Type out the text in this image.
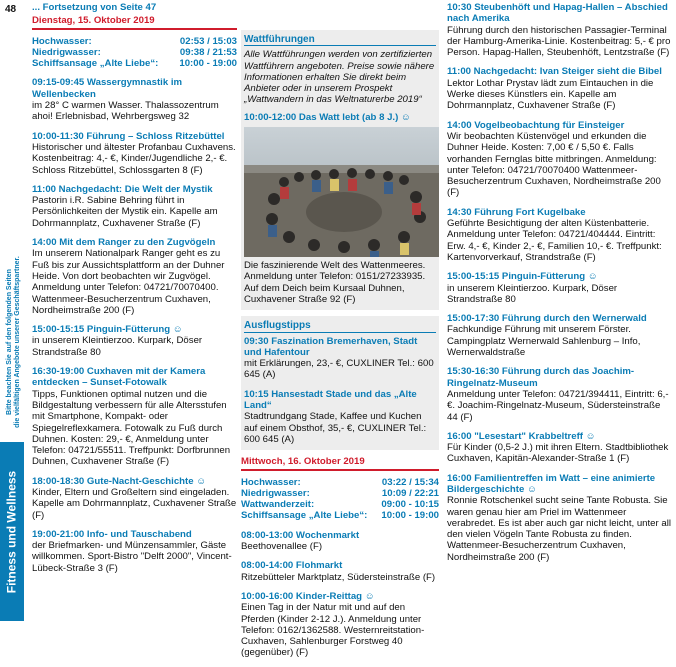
48
Bitte beachten Sie auf den folgenden Seiten die vielfältigen Angebote unserer Geschäftspartner.
Fitness und Wellness
... Fortsetzung von Seite 47
Dienstag, 15. Oktober 2019
Hochwasser:	02:53 / 15:03
Niedrigwasser:	09:38 / 21:53
Schiffsansage „Alte Liebe“: 10:00 - 19:00
09:15-09:45 Wassergymnastik im Wellenbecken
im 28° C warmen Wasser. Thalassozentrum ahoi! Erlebnisbad, Wehrbergsweg 32
10:00-11:30 Führung – Schloss Ritzebüttel
Historischer und ältester Profanbau Cuxhavens. Kostenbeitrag: 4,- €, Kinder/Jugendliche 2,- €. Schloss Ritzebüttel, Schlossgarten 8 (F)
11:00 Nachgedacht: Die Welt der Mystik
Pastorin i.R. Sabine Behring führt in Persönlichkeiten der Mystik ein. Kapelle am Dohrmannplatz, Cuxhavener Straße (F)
14:00 Mit dem Ranger zu den Zugvögeln
Im unserem Nationalpark Ranger geht es zu Fuß bis zur Aussichtsplattform an der Duhner Heide. Von dort beobachten wir Zugvögel. Anmeldung unter Telefon: 04721/70070400. Wattenmeer-Besucherzentrum Cuxhaven, Nordheimstraße 200 (F)
15:00-15:15 Pinguin-Fütterung ☺
in unserem Kleintierzoo. Kurpark, Döser Strandstraße 80
16:30-19:00 Cuxhaven mit der Kamera entdecken – Sunset-Fotowalk
Tipps, Funktionen optimal nutzen und die Bildgestaltung verbessern für alle Altersstufen mit Smartphone, Kompakt- oder Spiegelreflexkamera. Fotowalk zu Fuß durch Duhnen. Kosten: 29,- €, Anmeldung unter Telefon: 04721/55511. Treffpunkt: Dorfbrunnen Duhnen, Cuxhavener Straße (F)
18:00-18:30 Gute-Nacht-Geschichte ☺
Kinder, Eltern und Großeltern sind eingeladen. Kapelle am Dohrmannplatz, Cuxhavener Straße (F)
19:00-21:00 Info- und Tauschabend
der Briefmarken- und Münzensammler, Gäste willkommen. Sport-Bistro "Delft 2000", Vincent-Lübeck-Straße 3 (F)
Wattführungen
Alle Wattführungen werden von zertifizierten Wattführern angeboten. Preise sowie nähere Informationen erhalten Sie direkt beim Anbieter oder in unserem Prospekt „Wattwandern in das Weltnaturerbe 2019“
10:00-12:00 Das Watt lebt (ab 8 J.) ☺
Die faszinierende Welt des Wattenmeeres. Anmeldung unter Telefon: 0151/27233935. Auf dem Deich beim Kursaal Duhnen, Cuxhavener Straße 92 (F)
Ausflugstipps
09:30 Faszination Bremerhaven, Stadt und Hafentour
mit Erklärungen, 23,- €, CUXLINER Tel.: 600 645 (A)
10:15 Hansestadt Stade und das „Alte Land“
Stadtrundgang Stade, Kaffee und Kuchen auf einem Obsthof, 35,- €, CUXLINER Tel.: 600 645 (A)
Mittwoch, 16. Oktober 2019
Hochwasser:	03:22 / 15:34
Niedrigwasser:	10:09 / 22:21
Wattwanderzeit:	09:00 - 10:15
Schiffsansage „Alte Liebe“: 10:00 - 19:00
08:00-13:00 Wochenmarkt
Beethovenallee (F)
08:00-14:00 Flohmarkt
Ritzebütteler Marktplatz, Südersteinstraße (F)
10:00-16:00 Kinder-Reittag ☺
Einen Tag in der Natur mit und auf den Pferden (Kinder 2-12 J.). Anmeldung unter Telefon: 0162/1362588. Westernreitstation-Cuxhaven, Sahlenburger Forstweg 40 (gegenüber) (F)
10:30 Steubenhöft und Hapag-Hallen – Abschied nach Amerika
Führung durch den historischen Passagier-Terminal der Hamburg-Amerika-Linie. Kostenbeitrag: 5,- € pro Person. Hapag-Hallen, Steubenhöft, Lentzstraße (F)
11:00 Nachgedacht: Ivan Steiger sieht die Bibel
Lektor Lothar Prystav lädt zum Eintauchen in die Werke dieses Künstlers ein. Kapelle am Dohrmannplatz, Cuxhavener Straße (F)
14:00 Vogelbeobachtung für Einsteiger
Wir beobachten Küstenvögel und erkunden die Duhner Heide. Kosten: 7,00 € / 5,50 €. Falls vorhanden Fernglas bitte mitbringen. Anmeldung: unter Telefon: 04721/70070400 Wattenmeer-Besucherzentrum Cuxhaven, Nordheimstraße 200 (F)
14:30 Führung Fort Kugelbake
Geführte Besichtigung der alten Küstenbatterie. Anmeldung unter Telefon: 04721/404444. Eintritt: Erw. 4,- €, Kinder 2,- €, Familien 10,- €. Treffpunkt: Kartenvorverkauf, Strandstraße (F)
15:00-15:15 Pinguin-Fütterung ☺
in unserem Kleintierzoo. Kurpark, Döser Strandstraße 80
15:00-17:30 Führung durch den Wernerwald
Fachkundige Führung mit unserem Förster. Campingplatz Wernerwald Sahlenburg – Info, Wernerwaldstraße
15:30-16:30 Führung durch das Joachim-Ringelnatz-Museum
Anmeldung unter Telefon: 04721/394411, Eintritt: 6,- €. Joachim-Ringelnatz-Museum, Südersteinstraße 44 (F)
16:00 "Lesestart" Krabbeltreff ☺
Für Kinder (0,5-2 J.) mit ihren Eltern. Stadtbibliothek Cuxhaven, Kapitän-Alexander-Straße 1 (F)
16:00 Familientreffen im Watt – eine animierte Bildergeschichte ☺
Ronnie Rotschenkel sucht seine Tante Robusta. Sie waren genau hier am Priel im Wattenmeer verabredet. Es ist aber auch gar nicht leicht, unter all den vielen Vögeln Tante Robusta zu finden. Wattenmeer-Besucherzentrum Cuxhaven, Nordheimstraße 200 (F)
